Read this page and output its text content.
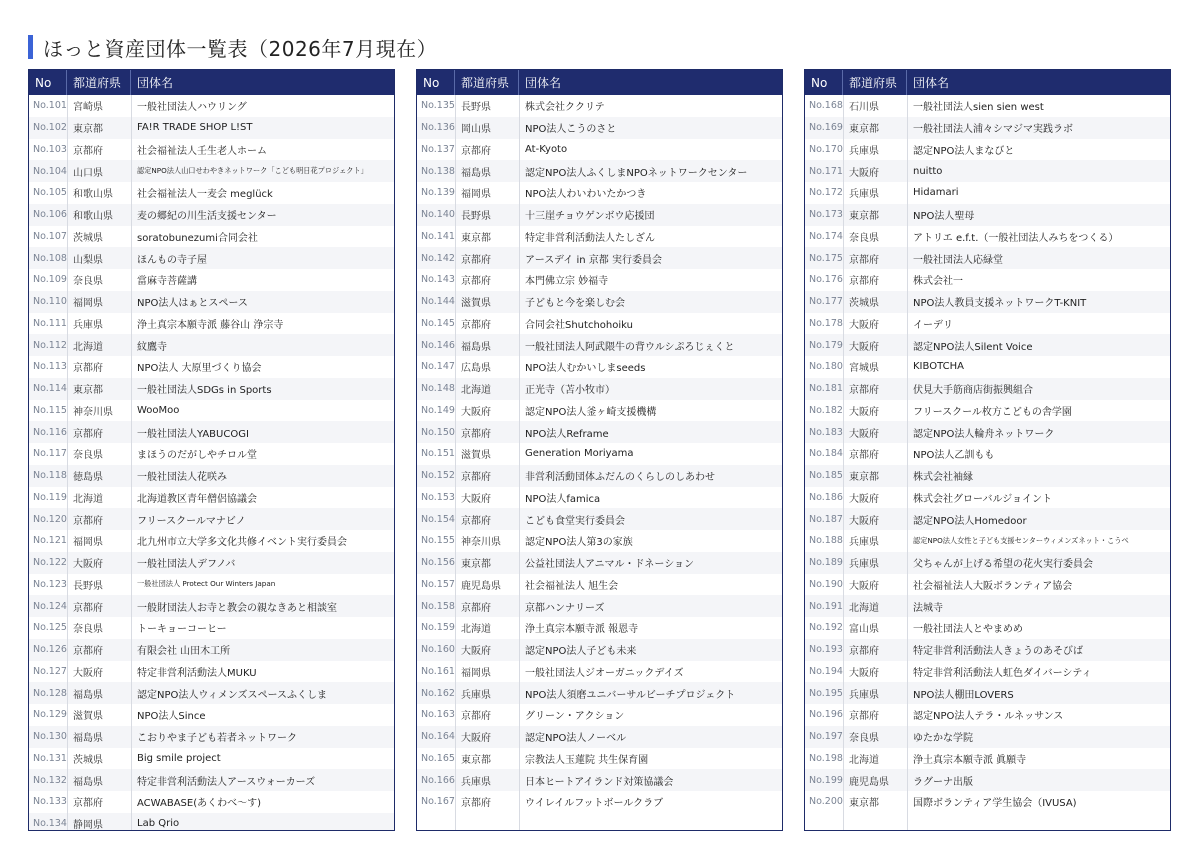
ほっと資産団体一覧表（2026年7月現在）
No	都道府県	団体名
No.101 宮崎県	一般社団法人ハウリング
No.102 東京都	FA!R TRADE SHOP L!ST
No.103 京都府	社会福祉法人壬生老人ホーム
No.104 山口県	認定NPO法人山口せわやきネットワーク「こども明日花プロジェクト」
No.105 和歌山県	社会福祉法人一麦会 meglück
No.106 和歌山県	麦の郷紀の川生活支援センター
No.107 茨城県	soratobunezumi合同会社
No.108 山梨県	ほんもの寺子屋
No.109 奈良県	當麻寺菩薩講
No.110 福岡県	NPO法人はぁとスペース
No.111 兵庫県	浄土真宗本願寺派 藤谷山 浄宗寺
No.112 北海道	紋鷹寺
No.113 京都府	NPO法人 大原里づくり協会
No.114 東京都	一般社団法人SDGs in Sports
No.115 神奈川県	WooMoo
No.116 京都府	一般社団法人YABUCOGI
No.117 奈良県	まほうのだがしやチロル堂
No.118 徳島県	一般社団法人花咲み
No.119 北海道	北海道教区青年僧侶協議会
No.120 京都府	フリースクールマナビノ
No.121 福岡県	北九州市立大学多文化共修イベント実行委員会
No.122 大阪府	一般社団法人デフノバ
No.123 長野県	一般社団法人 Protect Our Winters Japan
No.124 京都府	一般財団法人お寺と教会の親なきあと相談室
No.125 奈良県	トーキョーコーヒー
No.126 京都府	有限会社 山田木工所
No.127 大阪府	特定非営利活動法人MUKU
No.128 福島県	認定NPO法人ウィメンズスペースふくしま
No.129 滋賀県	NPO法人Since
No.130 福島県	こおりやま子ども若者ネットワーク
No.131 茨城県	Big smile project
No.132 福島県	特定非営利活動法人アースウォーカーズ
No.133 京都府	ACWABASE(あくわべ〜す)
No.134 静岡県	Lab Qrio
No	都道府県	団体名
No.135 長野県	株式会社ククリテ
No.136 岡山県	NPO法人こうのさと
No.137 京都府	At-Kyoto
No.138 福島県	認定NPO法人ふくしまNPOネットワークセンター
No.139 福岡県	NPO法人わいわいたかつき
No.140 長野県	十三崖チョウゲンボウ応援団
No.141 東京都	特定非営利活動法人たしざん
No.142 京都府	アースデイ in 京都 実行委員会
No.143 京都府	本門佛立宗 妙福寺
No.144 滋賀県	子どもと今を楽しむ会
No.145 京都府	合同会社Shutchohoiku
No.146 福島県	一般社団法人阿武隈牛の背ウルシぷろじぇくと
No.147 広島県	NPO法人むかいしまseeds
No.148 北海道	正光寺（苫小牧市）
No.149 大阪府	認定NPO法人釜ヶ崎支援機構
No.150 京都府	NPO法人Reframe
No.151 滋賀県	Generation Moriyama
No.152 京都府	非営利活動団体ふだんのくらしのしあわせ
No.153 大阪府	NPO法人famica
No.154 京都府	こども食堂実行委員会
No.155 神奈川県	認定NPO法人第3の家族
No.156 東京都	公益社団法人アニマル・ドネーション
No.157 鹿児島県	社会福祉法人 旭生会
No.158 京都府	京都ハンナリーズ
No.159 北海道	浄土真宗本願寺派 報恩寺
No.160 大阪府	認定NPO法人子ども未来
No.161 福岡県	一般社団法人ジオーガニックデイズ
No.162 兵庫県	NPO法人須磨ユニバーサルビーチプロジェクト
No.163 京都府	グリーン・アクション
No.164 大阪府	認定NPO法人ノーベル
No.165 東京都	宗教法人玉蓮院 共生保育園
No.166 兵庫県	日本ヒートアイランド対策協議会
No.167 京都府	ウイレイルフットボールクラブ
No	都道府県	団体名
No.168 石川県	一般社団法人sien sien west
No.169 東京都	一般社団法人浦々シマジマ実践ラボ
No.170 兵庫県	認定NPO法人まなびと
No.171 大阪府	nuitto
No.172 兵庫県	Hidamari
No.173 東京都	NPO法人聖母
No.174 奈良県	アトリエ e.f.t.（一般社団法人みちをつくる）
No.175 京都府	一般社団法人応緑堂
No.176 京都府	株式会社一
No.177 茨城県	NPO法人教員支援ネットワークT-KNIT
No.178 大阪府	イーデリ
No.179 大阪府	認定NPO法人Silent Voice
No.180 宮城県	KIBOTCHA
No.181 京都府	伏見大手筋商店街振興組合
No.182 大阪府	フリースクール枚方こどもの舎学園
No.183 大阪府	認定NPO法人輪舟ネットワーク
No.184 京都府	NPO法人乙訓もも
No.185 東京都	株式会社袖縁
No.186 大阪府	株式会社グローバルジョイント
No.187 大阪府	認定NPO法人Homedoor
No.188 兵庫県	認定NPO法人女性と子ども支援センターウィメンズネット・こうべ
No.189 兵庫県	父ちゃんが上げる希望の花火実行委員会
No.190 大阪府	社会福祉法人大阪ボランティア協会
No.191 北海道	法城寺
No.192 富山県	一般社団法人とやまめめ
No.193 京都府	特定非営利活動法人きょうのあそびば
No.194 大阪府	特定非営利活動法人虹色ダイバーシティ
No.195 兵庫県	NPO法人棚田LOVERS
No.196 京都府	認定NPO法人テラ・ルネッサンス
No.197 奈良県	ゆたかな学院
No.198 北海道	浄土真宗本願寺派 眞願寺
No.199 鹿児島県	ラグーナ出版
No.200 東京都	国際ボランティア学生協会（IVUSA)
